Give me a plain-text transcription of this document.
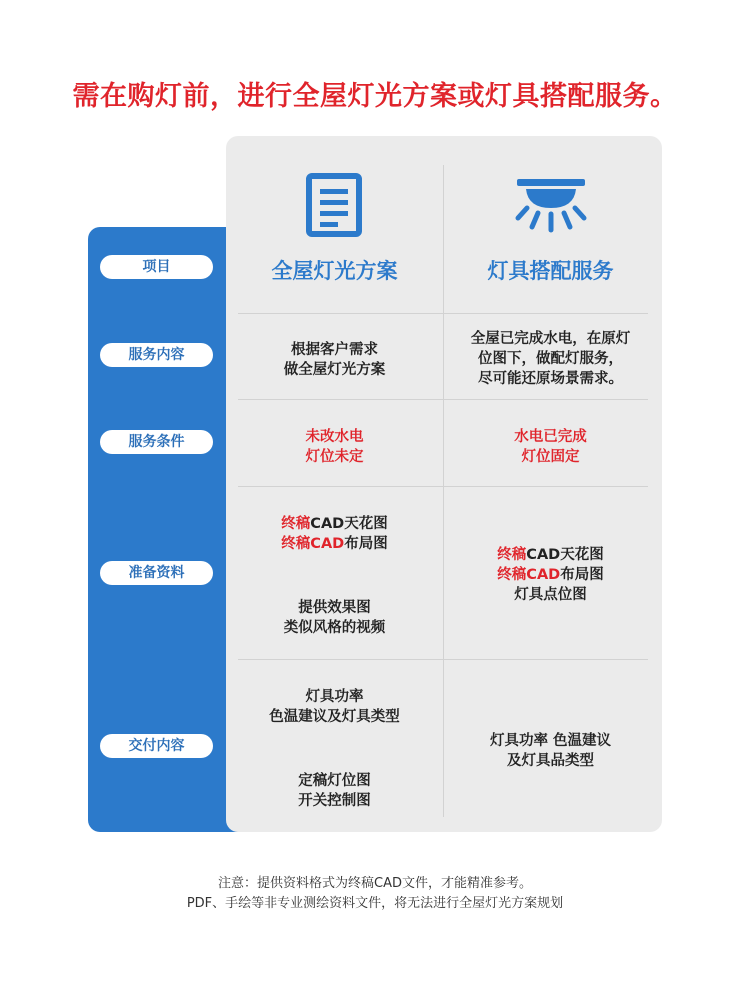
需在购灯前，进行全屋灯光方案或灯具搭配服务。
项目
服务内容
服务条件
准备资料
交付内容
全屋灯光方案	灯具搭配服务
根据客户需求
做全屋灯光方案
全屋已完成水电，在原灯
位图下，做配灯服务，
尽可能还原场景需求。
未改水电
灯位未定
水电已完成
灯位固定
终稿CAD天花图
终稿CAD布局图
提供效果图
类似风格的视频
终稿CAD天花图
终稿CAD布局图
灯具点位图
灯具功率
色温建议及灯具类型
定稿灯位图
开关控制图
灯具功率 色温建议
及灯具品类型
注意：提供资料格式为终稿CAD文件，才能精准参考。
PDF、手绘等非专业测绘资料文件，将无法进行全屋灯光方案规划
